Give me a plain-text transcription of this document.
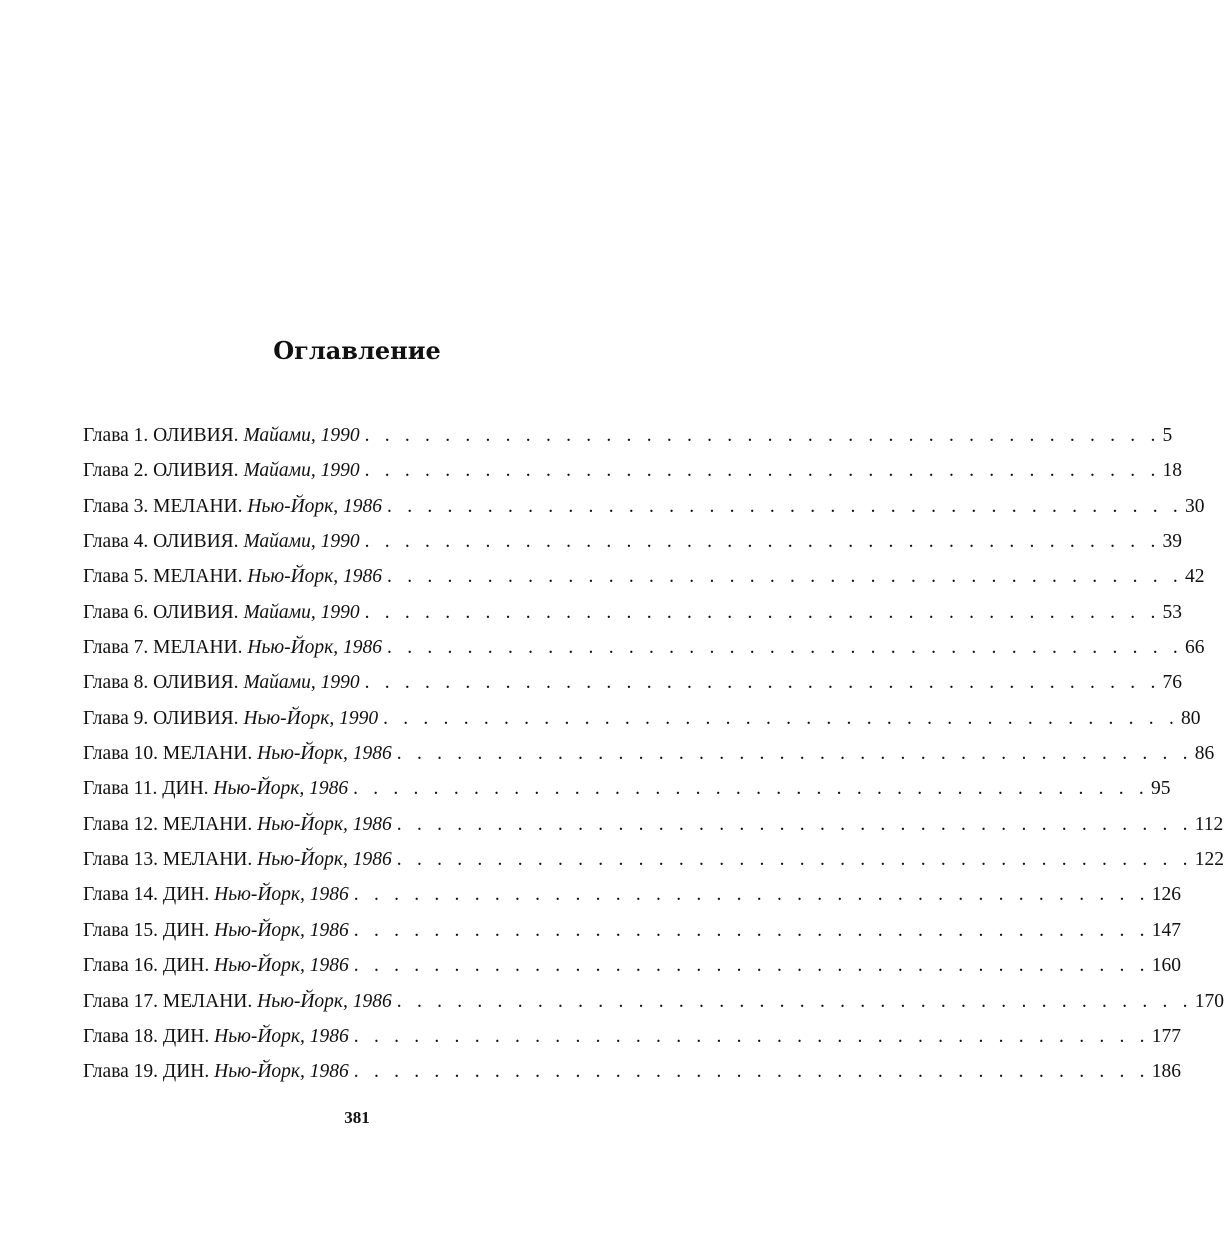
Оглавление
Глава 1. ОЛИВИЯ. Майами, 1990 . . . . . . . . . . . . . . . . . . . . . . . . . . . . . . . . . . . . . . . . 5
Глава 2. ОЛИВИЯ. Майами, 1990 . . . . . . . . . . . . . . . . . . . . . . . . . . . . . . . . . . . . . . . . 18
Глава 3. МЕЛАНИ. Нью-Йорк, 1986 . . . . . . . . . . . . . . . . . . . . . . . . . . . . . . . . . . . . . . . . 30
Глава 4. ОЛИВИЯ. Майами, 1990 . . . . . . . . . . . . . . . . . . . . . . . . . . . . . . . . . . . . . . . . 39
Глава 5. МЕЛАНИ. Нью-Йорк, 1986 . . . . . . . . . . . . . . . . . . . . . . . . . . . . . . . . . . . . . . . . 42
Глава 6. ОЛИВИЯ. Майами, 1990 . . . . . . . . . . . . . . . . . . . . . . . . . . . . . . . . . . . . . . . . 53
Глава 7. МЕЛАНИ. Нью-Йорк, 1986 . . . . . . . . . . . . . . . . . . . . . . . . . . . . . . . . . . . . . . . . 66
Глава 8. ОЛИВИЯ. Майами, 1990 . . . . . . . . . . . . . . . . . . . . . . . . . . . . . . . . . . . . . . . . 76
Глава 9. ОЛИВИЯ. Нью-Йорк, 1990 . . . . . . . . . . . . . . . . . . . . . . . . . . . . . . . . . . . . . . . . 80
Глава 10. МЕЛАНИ. Нью-Йорк, 1986 . . . . . . . . . . . . . . . . . . . . . . . . . . . . . . . . . . . . . . . . 86
Глава 11. ДИН. Нью-Йорк, 1986 . . . . . . . . . . . . . . . . . . . . . . . . . . . . . . . . . . . . . . . . 95
Глава 12. МЕЛАНИ. Нью-Йорк, 1986 . . . . . . . . . . . . . . . . . . . . . . . . . . . . . . . . . . . . . . . . 112
Глава 13. МЕЛАНИ. Нью-Йорк, 1986 . . . . . . . . . . . . . . . . . . . . . . . . . . . . . . . . . . . . . . . . 122
Глава 14. ДИН. Нью-Йорк, 1986 . . . . . . . . . . . . . . . . . . . . . . . . . . . . . . . . . . . . . . . . 126
Глава 15. ДИН. Нью-Йорк, 1986 . . . . . . . . . . . . . . . . . . . . . . . . . . . . . . . . . . . . . . . . 147
Глава 16. ДИН. Нью-Йорк, 1986 . . . . . . . . . . . . . . . . . . . . . . . . . . . . . . . . . . . . . . . . 160
Глава 17. МЕЛАНИ. Нью-Йорк, 1986 . . . . . . . . . . . . . . . . . . . . . . . . . . . . . . . . . . . . . . . . 170
Глава 18. ДИН. Нью-Йорк, 1986 . . . . . . . . . . . . . . . . . . . . . . . . . . . . . . . . . . . . . . . . 177
Глава 19. ДИН. Нью-Йорк, 1986 . . . . . . . . . . . . . . . . . . . . . . . . . . . . . . . . . . . . . . . . 186
381
